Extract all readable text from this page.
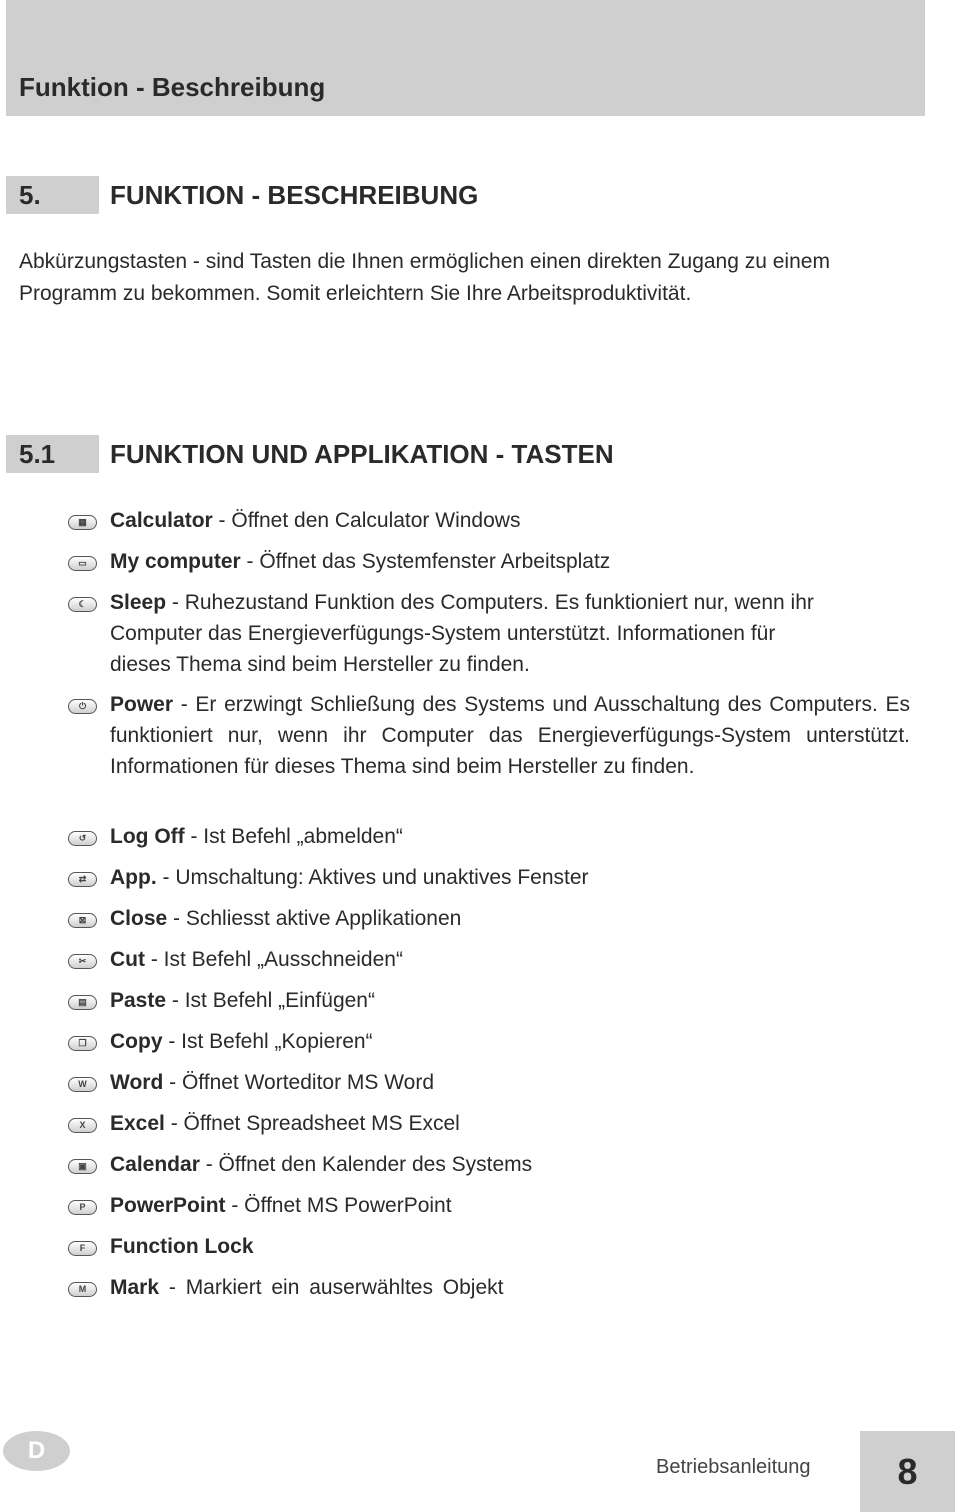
Funktion - Beschreibung
5.	FUNKTION - BESCHREIBUNG

Abkürzungstasten - sind Tasten die Ihnen ermöglichen einen direkten Zugang zu einem Programm zu bekommen. Somit erleichtern Sie Ihre Arbeitsproduktivität.

5.1	FUNKTION UND APPLIKATION - TASTEN
▦	Calculator - Öffnet den Calculator Windows
▭	My computer - Öffnet das Systemfenster Arbeitsplatz
☾	Sleep - Ruhezustand Funktion des Computers. Es funktioniert nur, wenn ihr Computer das Energieverfügungs-System unterstützt. Informationen für dieses Thema sind beim Hersteller zu finden.
⏻	Power - Er erzwingt Schließung des Systems und Ausschaltung des Computers. Es funktioniert nur, wenn ihr Computer das Energieverfügungs-System unterstützt. Informationen für dieses Thema sind beim Hersteller zu finden.
↺	Log Off - Ist Befehl „abmelden“
⇄	App. - Umschaltung: Aktives und unaktives Fenster
⊠	Close - Schliesst aktive Applikationen
✂	Cut - Ist Befehl „Ausschneiden“
▤	Paste - Ist Befehl „Einfügen“
❐	Copy - Ist Befehl „Kopieren“
W	Word - Öffnet Worteditor MS Word
X	Excel - Öffnet Spreadsheet MS Excel
▣	Calendar - Öffnet den Kalender des Systems
P	PowerPoint - Öffnet MS PowerPoint
F	Function Lock
M	Mark - Markiert ein auserwähltes Objekt
D
Betriebsanleitung	8
